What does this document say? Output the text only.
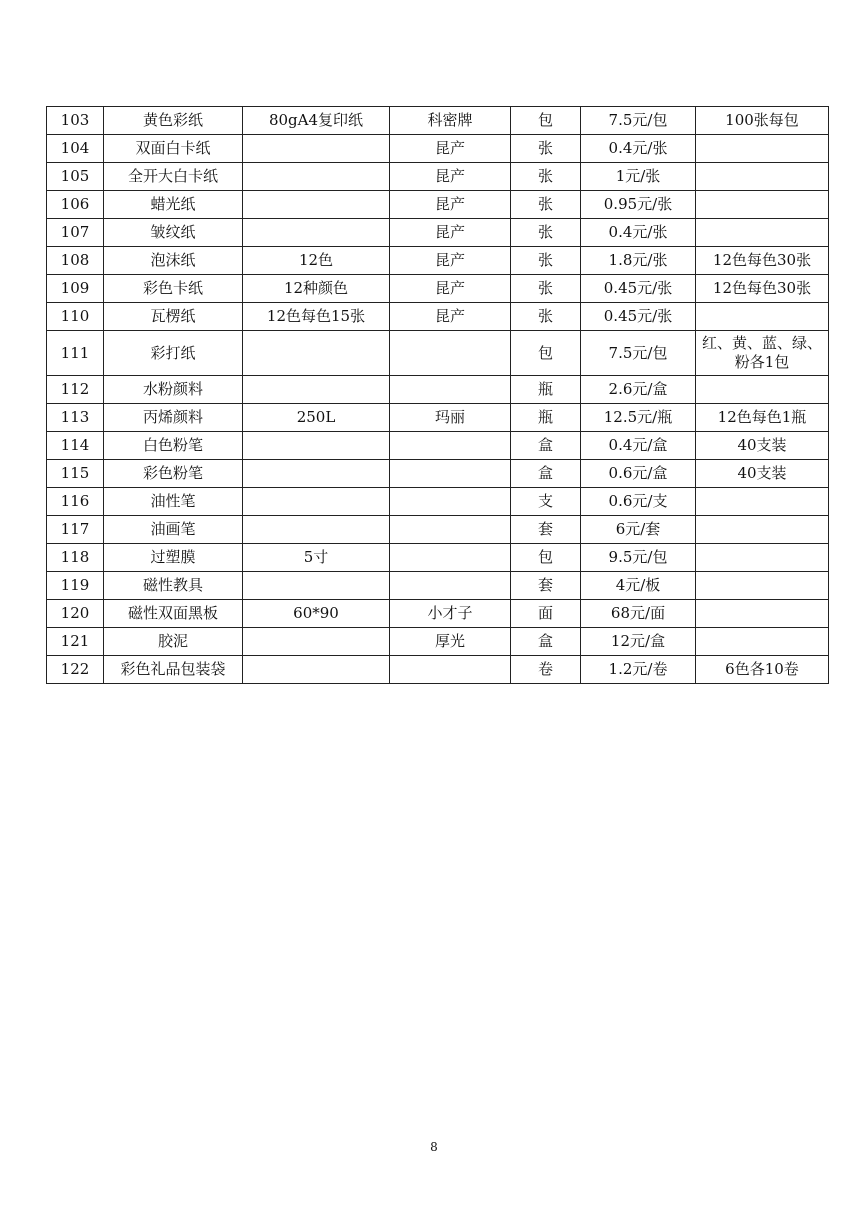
103	黄色彩纸	80gA4复印纸	科密牌	包	7.5元/包	100张每包
104	双面白卡纸		昆产	张	0.4元/张	
105	全开大白卡纸		昆产	张	1元/张	
106	蜡光纸		昆产	张	0.95元/张	
107	皱纹纸		昆产	张	0.4元/张	
108	泡沫纸	12色	昆产	张	1.8元/张	12色每色30张
109	彩色卡纸	12种颜色	昆产	张	0.45元/张	12色每色30张
110	瓦楞纸	12色每色15张	昆产	张	0.45元/张	
111	彩打纸			包	7.5元/包	红、黄、蓝、绿、粉各1包
112	水粉颜料			瓶	2.6元/盒	
113	丙烯颜料	250L	玛丽	瓶	12.5元/瓶	12色每色1瓶
114	白色粉笔			盒	0.4元/盒	40支装
115	彩色粉笔			盒	0.6元/盒	40支装
116	油性笔			支	0.6元/支	
117	油画笔			套	6元/套	
118	过塑膜	5寸		包	9.5元/包	
119	磁性教具			套	4元/板	
120	磁性双面黑板	60*90	小才子	面	68元/面	
121	胶泥		厚光	盒	12元/盒	
122	彩色礼品包装袋			卷	1.2元/卷	6色各10卷
8
